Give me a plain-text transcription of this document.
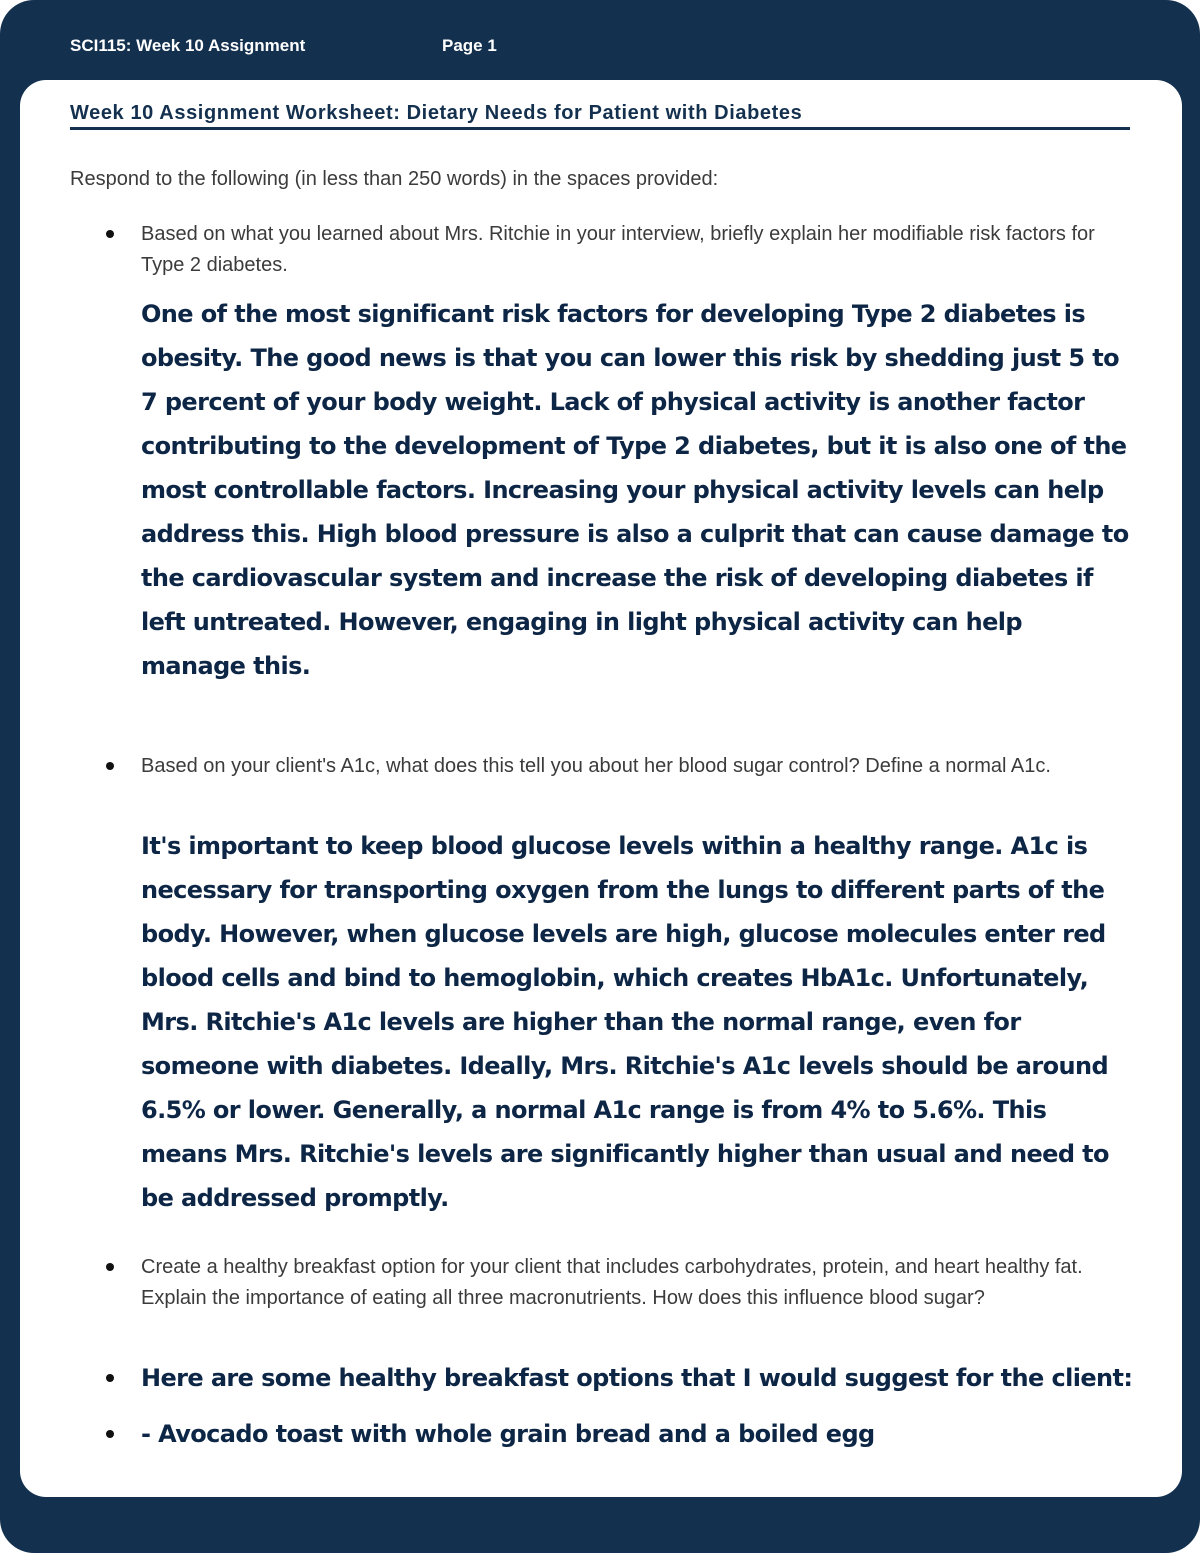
SCI115: Week 10 Assignment	Page 1
Week 10 Assignment Worksheet: Dietary Needs for Patient with Diabetes
Respond to the following (in less than 250 words) in the spaces provided:
Based on what you learned about Mrs. Ritchie in your interview, briefly explain her modifiable risk factors for Type 2 diabetes.
One of the most significant risk factors for developing Type 2 diabetes is obesity. The good news is that you can lower this risk by shedding just 5 to 7 percent of your body weight. Lack of physical activity is another factor contributing to the development of Type 2 diabetes, but it is also one of the most controllable factors. Increasing your physical activity levels can help address this. High blood pressure is also a culprit that can cause damage to the cardiovascular system and increase the risk of developing diabetes if left untreated. However, engaging in light physical activity can help manage this.
Based on your client's A1c, what does this tell you about her blood sugar control? Define a normal A1c.
It's important to keep blood glucose levels within a healthy range. A1c is necessary for transporting oxygen from the lungs to different parts of the body. However, when glucose levels are high, glucose molecules enter red blood cells and bind to hemoglobin, which creates HbA1c. Unfortunately, Mrs. Ritchie's A1c levels are higher than the normal range, even for someone with diabetes. Ideally, Mrs. Ritchie's A1c levels should be around 6.5% or lower. Generally, a normal A1c range is from 4% to 5.6%. This means Mrs. Ritchie's levels are significantly higher than usual and need to be addressed promptly.
Create a healthy breakfast option for your client that includes carbohydrates, protein, and heart healthy fat. Explain the importance of eating all three macronutrients. How does this influence blood sugar?
Here are some healthy breakfast options that I would suggest for the client:
- Avocado toast with whole grain bread and a boiled egg
